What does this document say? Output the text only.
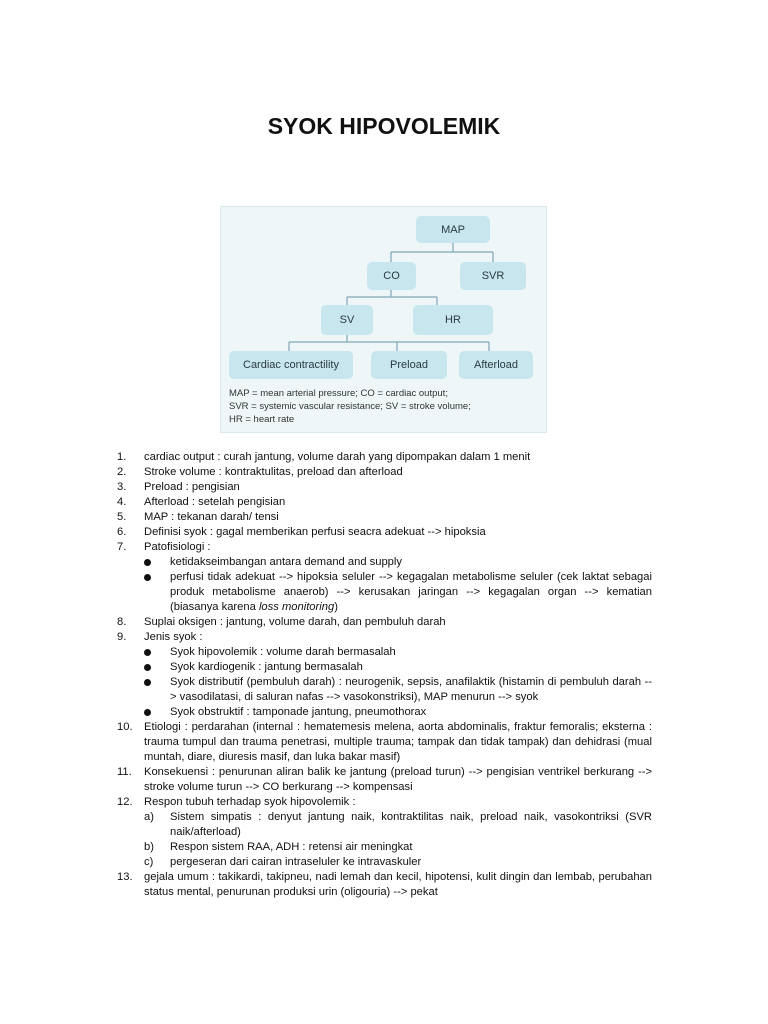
SYOK HIPOVOLEMIK
MAP
CO	SVR
SV	HR
Cardiac contractility	Preload	Afterload
MAP = mean arterial pressure; CO = cardiac output;
SVR = systemic vascular resistance; SV = stroke volume;
HR = heart rate
1. cardiac output : curah jantung, volume darah yang dipompakan dalam 1 menit
2. Stroke volume : kontraktulitas, preload dan afterload
3. Preload : pengisian
4. Afterload : setelah pengisian
5. MAP : tekanan darah/ tensi
6. Definisi syok : gagal memberikan perfusi seacra adekuat --> hipoksia
7. Patofisiologi :
ketidakseimbangan antara demand and supply
perfusi tidak adekuat --> hipoksia seluler --> kegagalan metabolisme seluler (cek laktat sebagai produk metabolisme anaerob) --> kerusakan jaringan --> kegagalan organ --> kematian (biasanya karena loss monitoring)
8. Suplai oksigen : jantung, volume darah, dan pembuluh darah
9. Jenis syok :
Syok hipovolemik : volume darah bermasalah
Syok kardiogenik : jantung bermasalah
Syok distributif (pembuluh darah) : neurogenik, sepsis, anafilaktik (histamin di pembuluh darah --> vasodilatasi, di saluran nafas --> vasokonstriksi), MAP menurun --> syok
Syok obstruktif : tamponade jantung, pneumothorax
10. Etiologi : perdarahan (internal : hematemesis melena, aorta abdominalis, fraktur femoralis; eksterna : trauma tumpul dan trauma penetrasi, multiple trauma; tampak dan tidak tampak) dan dehidrasi (mual muntah, diare, diuresis masif, dan luka bakar masif)
11. Konsekuensi : penurunan aliran balik ke jantung (preload turun) --> pengisian ventrikel berkurang --> stroke volume turun --> CO berkurang --> kompensasi
12. Respon tubuh terhadap syok hipovolemik :
a) Sistem simpatis : denyut jantung naik, kontraktilitas naik, preload naik, vasokontriksi (SVR naik/afterload)
b) Respon sistem RAA, ADH : retensi air meningkat
c) pergeseran dari cairan intraseluler ke intravaskuler
13. gejala umum : takikardi, takipneu, nadi lemah dan kecil, hipotensi, kulit dingin dan lembab, perubahan status mental, penurunan produksi urin (oligouria) --> pekat
